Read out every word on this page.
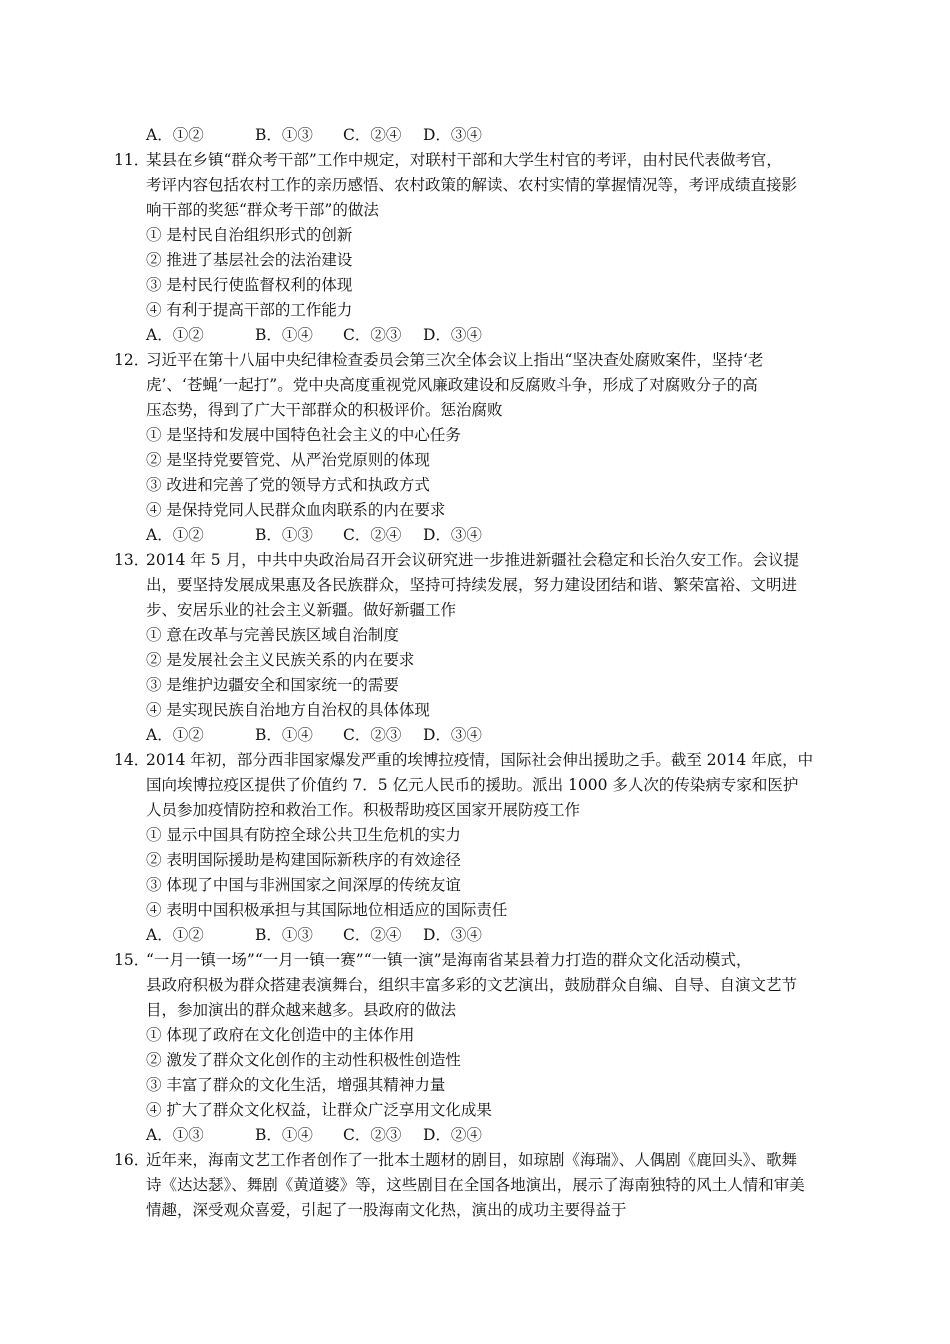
A．①②	B．①③ C．②④ D．③④
11．
某县在乡镇“群众考干部”工作中规定，对联村干部和大学生村官的考评，由村民代表做考官，
考评内容包括农村工作的亲历感悟、农村政策的解读、农村实情的掌握情况等，考评成绩直接影
响干部的奖惩“群众考干部”的做法
① 是村民自治组织形式的创新
② 推进了基层社会的法治建设
③ 是村民行使监督权利的体现
④ 有利于提高干部的工作能力
A．①②	B．①④ C．②③ D．③④
12．
习近平在第十八届中央纪律检查委员会第三次全体会议上指出“坚决查处腐败案件，坚持‘老
虎’、‘苍蝇’一起打”。党中央高度重视党风廉政建设和反腐败斗争，形成了对腐败分子的高
压态势，得到了广大干部群众的积极评价。惩治腐败
① 是坚持和发展中国特色社会主义的中心任务
② 是坚持党要管党、从严治党原则的体现
③ 改进和完善了党的领导方式和执政方式
④ 是保持党同人民群众血肉联系的内在要求
A．①②	B．①③ C．②④ D．③④
13．
2014 年 5 月，中共中央政治局召开会议研究进一步推进新疆社会稳定和长治久安工作。会议提
出，要坚持发展成果惠及各民族群众，坚持可持续发展，努力建设团结和谐、繁荣富裕、文明进
步、安居乐业的社会主义新疆。做好新疆工作
① 意在改革与完善民族区域自治制度
② 是发展社会主义民族关系的内在要求
③ 是维护边疆安全和国家统一的需要
④ 是实现民族自治地方自治权的具体体现
A．①②	B．①④ C．②③ D．③④
14．
2014 年初，部分西非国家爆发严重的埃博拉疫情，国际社会伸出援助之手。截至 2014 年底，中
国向埃博拉疫区提供了价值约 7．5 亿元人民币的援助。派出 1000 多人次的传染病专家和医护
人员参加疫情防控和救治工作。积极帮助疫区国家开展防疫工作
① 显示中国具有防控全球公共卫生危机的实力
② 表明国际援助是构建国际新秩序的有效途径
③ 体现了中国与非洲国家之间深厚的传统友谊
④ 表明中国积极承担与其国际地位相适应的国际责任
A．①②	B．①③ C．②④ D．③④
15．
“一月一镇一场”“一月一镇一赛”“一镇一演”是海南省某县着力打造的群众文化活动模式，
县政府积极为群众搭建表演舞台，组织丰富多彩的文艺演出，鼓励群众自编、自导、自演文艺节
目，参加演出的群众越来越多。县政府的做法
① 体现了政府在文化创造中的主体作用
② 激发了群众文化创作的主动性积极性创造性
③ 丰富了群众的文化生活，增强其精神力量
④ 扩大了群众文化权益，让群众广泛享用文化成果
A．①③	B．①④ C．②③ D．②④
16．
近年来，海南文艺工作者创作了一批本土题材的剧目，如琼剧《海瑞》、人偶剧《鹿回头》、歌舞
诗《达达瑟》、舞剧《黄道婆》等，这些剧目在全国各地演出，展示了海南独特的风土人情和审美
情趣，深受观众喜爱，引起了一股海南文化热，演出的成功主要得益于
